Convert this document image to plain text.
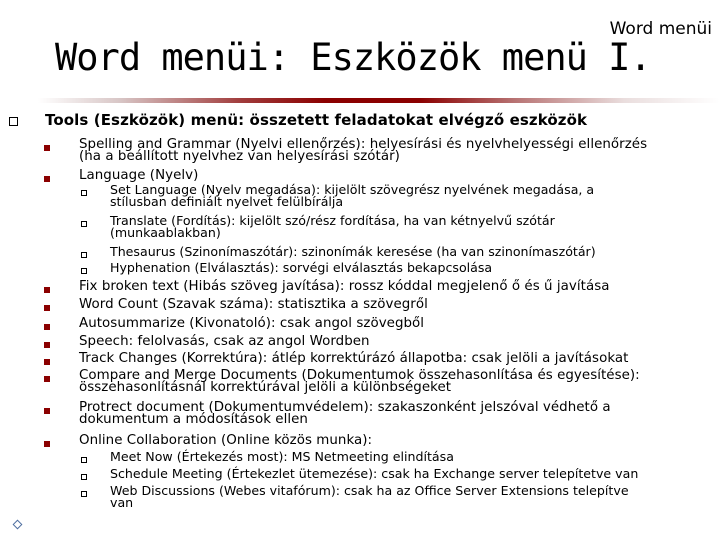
Word menüi
Word menüi: Eszközök menü I.
Tools (Eszközök) menü: összetett feladatokat elvégző eszközök
Spelling and Grammar (Nyelvi ellenőrzés): helyesírási és nyelvhelyességi ellenőrzés
(ha a beállított nyelvhez van helyesírási szótár)
Language (Nyelv)
Set Language (Nyelv megadása): kijelölt szövegrész nyelvének megadása, a
stílusban definiált nyelvet felülbírálja
Translate (Fordítás): kijelölt szó/rész fordítása, ha van kétnyelvű szótár
(munkaablakban)
Thesaurus (Szinonímaszótár): szinonímák keresése (ha van szinonímaszótár)
Hyphenation (Elválasztás): sorvégi elválasztás bekapcsolása
Fix broken text (Hibás szöveg javítása): rossz kóddal megjelenő ő és ű javítása
Word Count (Szavak száma): statisztika a szövegről
Autosummarize (Kivonatoló): csak angol szövegből
Speech: felolvasás, csak az angol Wordben
Track Changes (Korrektúra): átlép korrektúrázó állapotba: csak jelöli a javításokat
Compare and Merge Documents (Dokumentumok összehasonlítása és egyesítése):
összehasonlításnál korrektúrával jelöli a különbségeket
Protrect document (Dokumentumvédelem): szakaszonként jelszóval védhető a
dokumentum a módosítások ellen
Online Collaboration (Online közös munka):
Meet Now (Értekezés most): MS Netmeeting elindítása
Schedule Meeting (Értekezlet ütemezése): csak ha Exchange server telepítetve van
Web Discussions (Webes vitafórum): csak ha az Office Server Extensions telepítve
van
